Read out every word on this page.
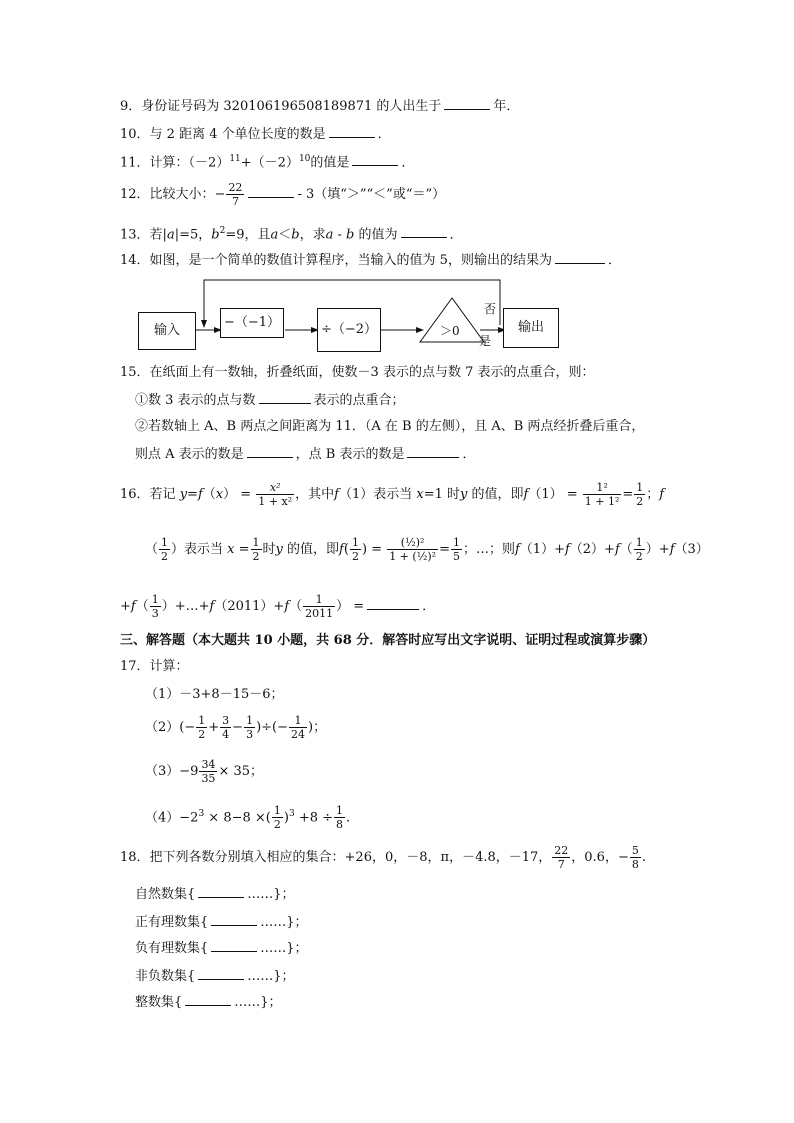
9．身份证号码为 320106196508189871 的人出生于	年．
10．与 2 距离 4 个单位长度的数是	．
11．计算：$(-2)^{11}+(-2)^{10}$的值是	．
12．比较大小：− $\frac{22}{7}$	- 3（填“＞”“＜”或“＝”）
13．若|a|=5，$b^2=9$，且a＜b，求a - b 的值为	．
14．如图，是一个简单的数值计算程序，当输入的值为 5，则输出的结果为	．
输入
−（−1）	÷（−2）	＞0	输出
否
是
15．在纸面上有一数轴，折叠纸面，使数－3 表示的点与数 7 表示的点重合，则：
①数 3 表示的点与数	表示的点重合；
②若数轴上 A、B 两点之间距离为 11．（A 在 B 的左侧），且 A、B 两点经折叠后重合，
则点 A 表示的数是	，点 B 表示的数是	．
16．若记 $y=f(x) = \frac{\text{x²}}{\text{1 + x²}}$ ，其中f（1）表示当 x=1 时y 的值，即$f(1) = \frac{\text{1²}}{\text{1 + 1²}} = \frac{1}{2}$ ；f
（ $\frac{1}{2}$ ）表示当 $x = \frac{1}{2}$ 时y 的值，即$f( \frac{1}{2}$ ) = $\frac{\text{(½)²}}{\text{1 + (½)²}} = \frac{1}{5}$ ；…；则$f(1)+f(2)+f( \frac{1}{2} )+f(3)$
$+f( \frac{1}{3}$ ）+…+f（2011）+f（ $\frac{1}{2011}$ ） =	．
三、解答题（本大题共 10 小题，共 68 分．解答时应写出文字说明、证明过程或演算步骤）
17．计算：
（1）－3+8－15－6；
$(2)(- \frac{1}{2} + \frac{3}{4} - \frac{1}{3}$ )÷(− $\frac{1}{24}$ )；
$(3)-9 \frac{34}{35} \times 35$；
$(4)-2^3 \times 8-8$ ×( $\frac{1}{2} )^3 +8 \div \frac{1}{8}$ .
18．把下列各数分别填入相应的集合：+26，0，－8，π，－4.8，－17， $\frac{22}{7}$ ，0.6，− $\frac{5}{8}$ .
自然数集{	……}；
正有理数集{	……}；
负有理数集{	……}；
非负数集{	……}；
整数集{	……}；
